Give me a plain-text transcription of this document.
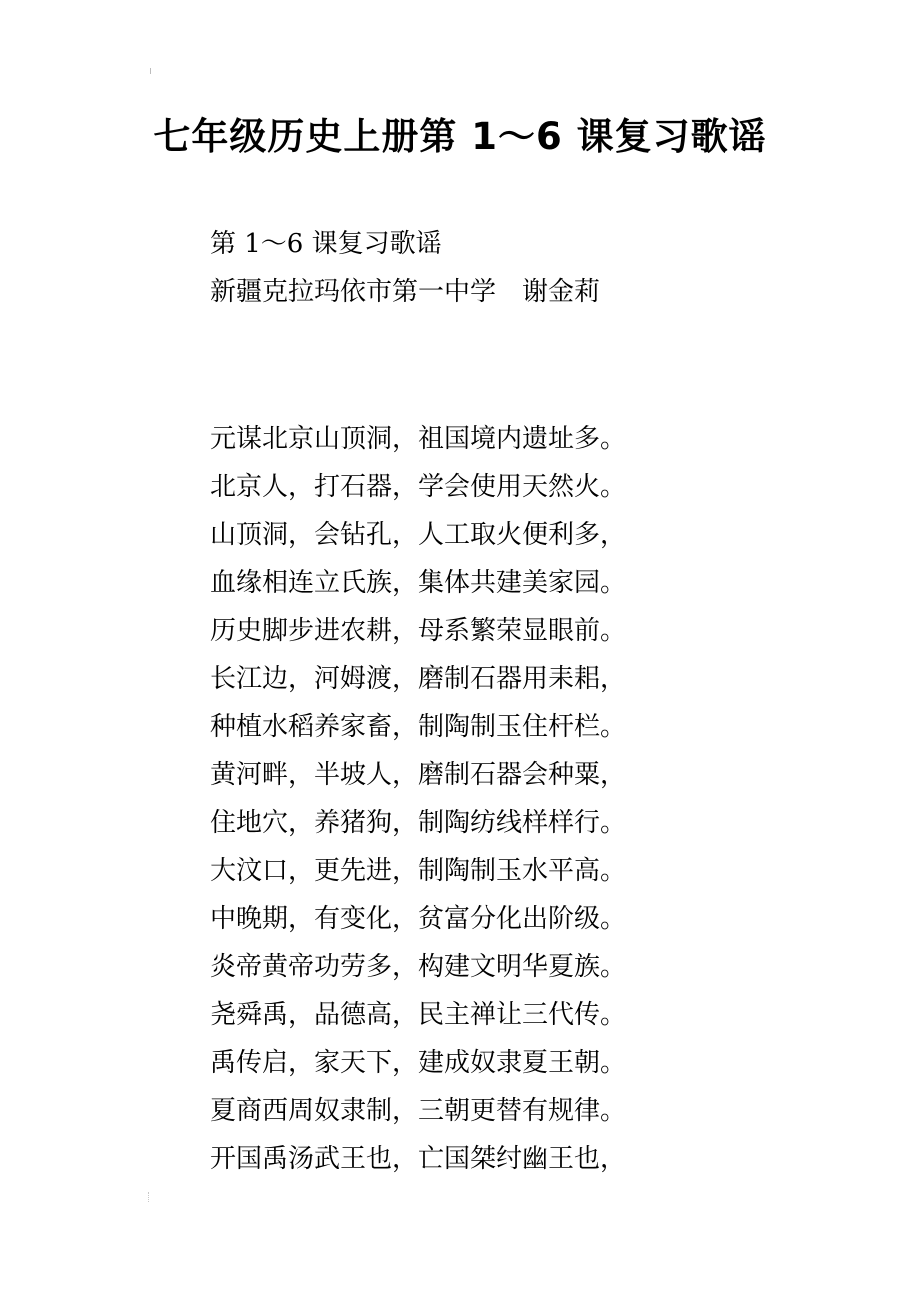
七年级历史上册第 1～6 课复习歌谣
第 1～6 课复习歌谣
新疆克拉玛依市第一中学　谢金莉
元谋北京山顶洞，祖国境内遗址多。
北京人，打石器，学会使用天然火。
山顶洞，会钻孔，人工取火便利多，
血缘相连立氏族，集体共建美家园。
历史脚步进农耕，母系繁荣显眼前。
长江边，河姆渡，磨制石器用耒耜，
种植水稻养家畜，制陶制玉住杆栏。
黄河畔，半坡人，磨制石器会种粟，
住地穴，养猪狗，制陶纺线样样行。
大汶口，更先进，制陶制玉水平高。
中晚期，有变化，贫富分化出阶级。
炎帝黄帝功劳多，构建文明华夏族。
尧舜禹，品德高，民主禅让三代传。
禹传启，家天下，建成奴隶夏王朝。
夏商西周奴隶制，三朝更替有规律。
开国禹汤武王也，亡国桀纣幽王也，
